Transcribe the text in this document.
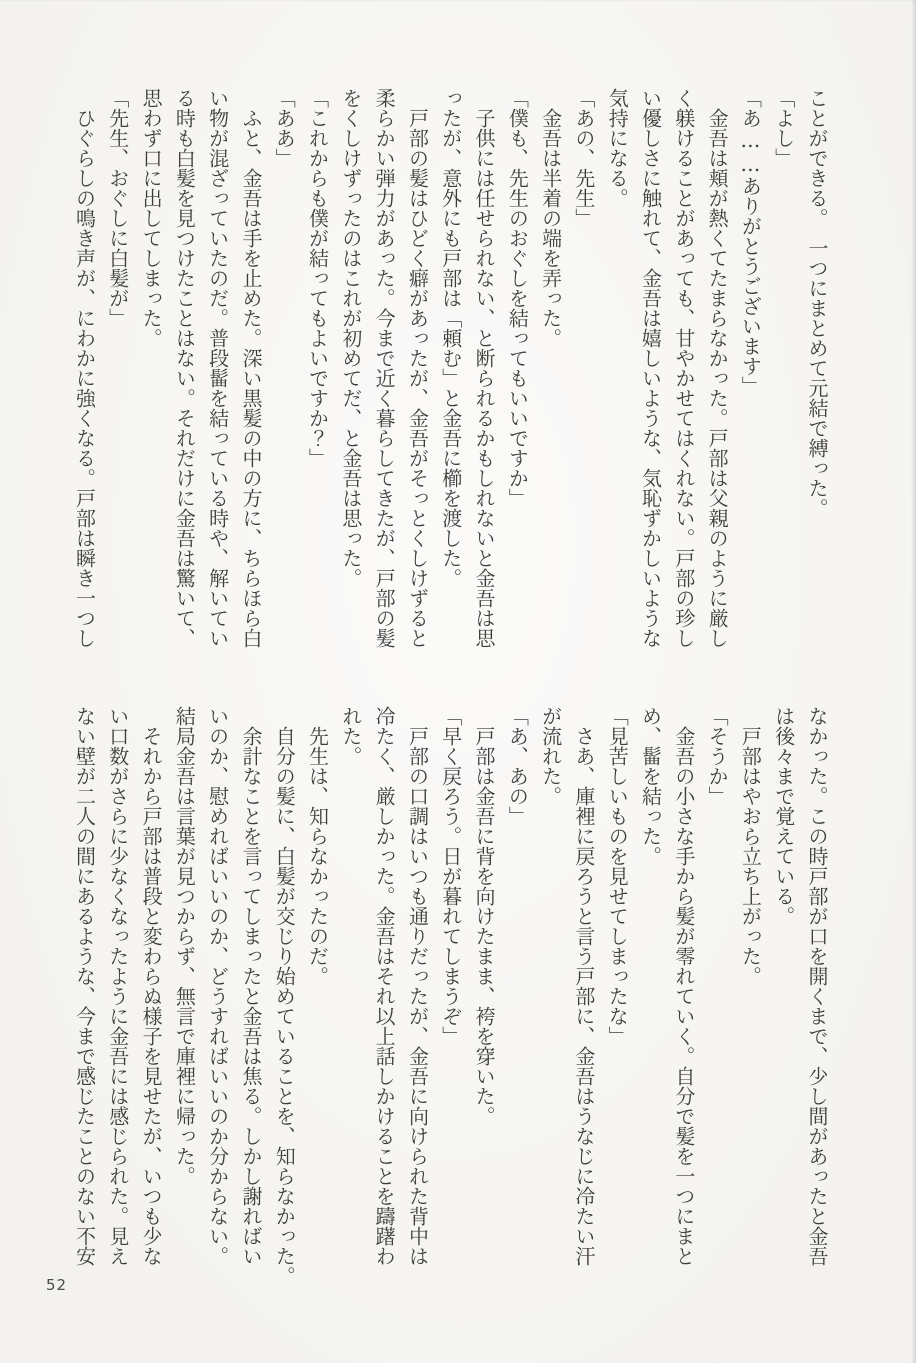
ことができる。　一つにまとめて元結で縛った。
「よし」
「あ……ありがとうございます」
　金吾は頬が熱くてたまらなかった。戸部は父親のように厳し
く躾けることがあっても、甘やかせてはくれない。戸部の珍し
い優しさに触れて、金吾は嬉しいような、気恥ずかしいような
気持になる。
「あの、先生」
　金吾は半着の端を弄った。
「僕も、先生のおぐしを結ってもいいですか」
　子供には任せられない、と断られるかもしれないと金吾は思
ったが、意外にも戸部は「頼む」と金吾に櫛を渡した。
　戸部の髪はひどく癖があったが、金吾がそっとくしけずると
柔らかい弾力があった。今まで近く暮らしてきたが、戸部の髪
をくしけずったのはこれが初めてだ、と金吾は思った。
「これからも僕が結ってもよいですか？」
「ああ」
　ふと、金吾は手を止めた。深い黒髪の中の方に、ちらほら白
い物が混ざっていたのだ。普段髷を結っている時や、解いてい
る時も白髪を見つけたことはない。それだけに金吾は驚いて、
思わず口に出してしまった。
「先生、おぐしに白髪が」
　ひぐらしの鳴き声が、にわかに強くなる。戸部は瞬き一つし
なかった。この時戸部が口を開くまで、少し間があったと金吾
は後々まで覚えている。
　戸部はやおら立ち上がった。
「そうか」
　金吾の小さな手から髪が零れていく。自分で髪を一つにまと
め、髷を結った。
「見苦しいものを見せてしまったな」
　さあ、庫裡に戻ろうと言う戸部に、金吾はうなじに冷たい汗
が流れた。
「あ、あの」
　戸部は金吾に背を向けたまま、袴を穿いた。
「早く戻ろう。日が暮れてしまうぞ」
　戸部の口調はいつも通りだったが、金吾に向けられた背中は
冷たく、厳しかった。金吾はそれ以上話しかけることを躊躇わ
れた。
　先生は、知らなかったのだ。
　自分の髪に、白髪が交じり始めていることを、知らなかった。
　余計なことを言ってしまったと金吾は焦る。しかし謝ればい
いのか、慰めればいいのか、どうすればいいのか分からない。
結局金吾は言葉が見つからず、無言で庫裡に帰った。
　それから戸部は普段と変わらぬ様子を見せたが、いつも少な
い口数がさらに少なくなったように金吾には感じられた。見え
ない壁が二人の間にあるような、今まで感じたことのない不安
52
